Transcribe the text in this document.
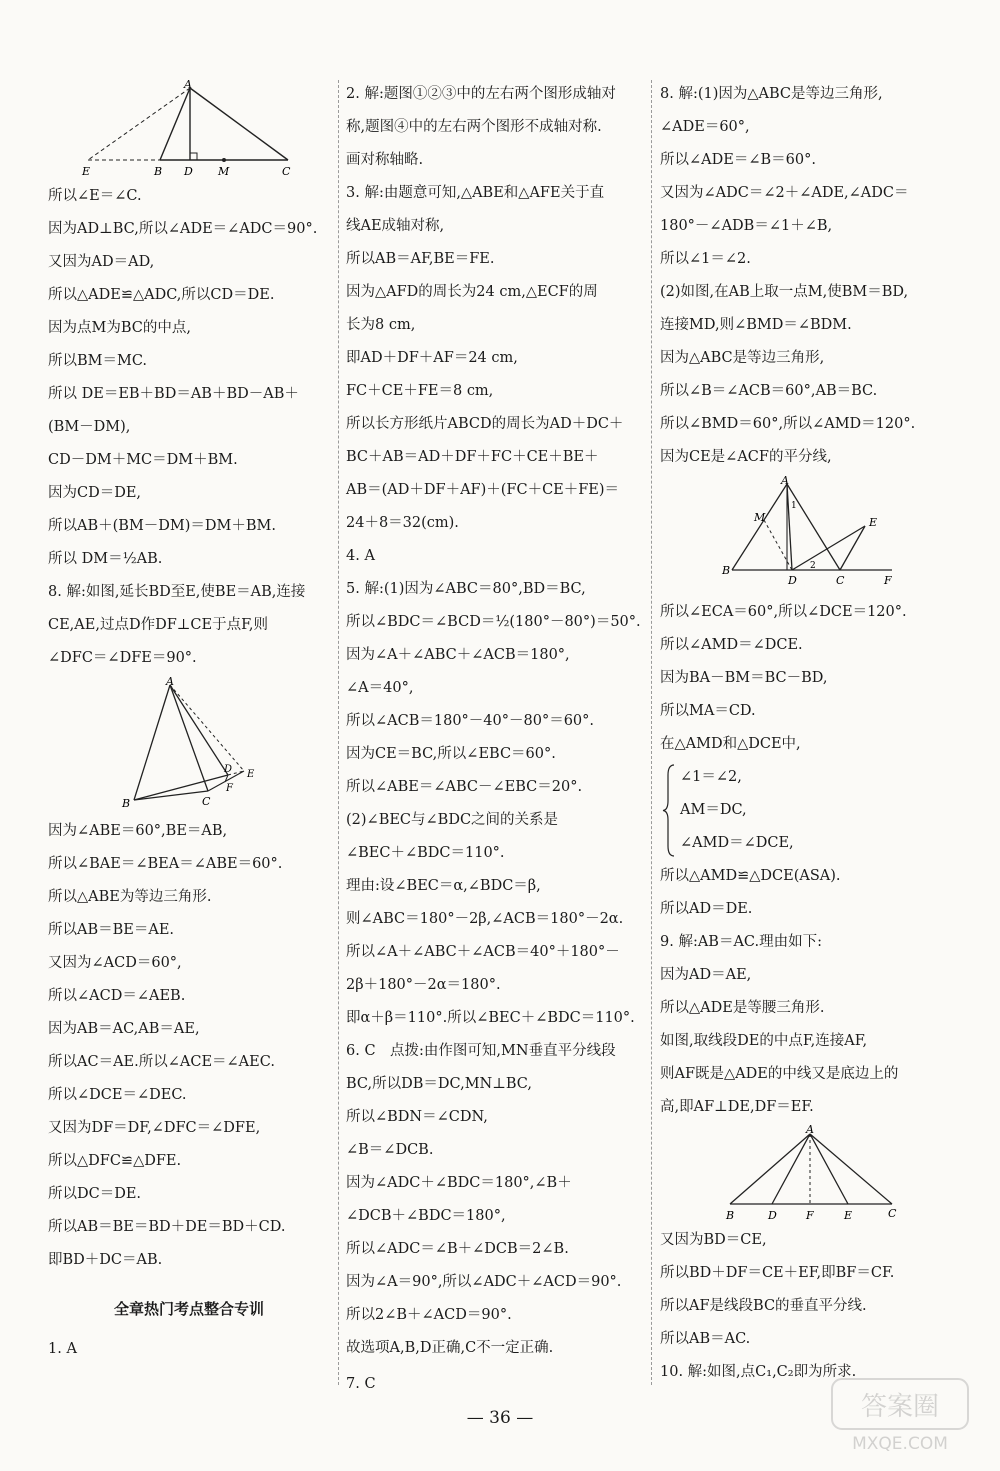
A
E	B D M	C
所以∠E＝∠C.
因为AD⊥BC,所以∠ADE＝∠ADC＝90°.
又因为AD＝AD,
所以△ADE≌△ADC,所以CD＝DE.
因为点M为BC的中点,
所以BM＝MC.
所以 DE＝EB＋BD＝AB＋BD－AB＋
(BM－DM),
CD－DM＋MC＝DM＋BM.
因为CD＝DE,
所以AB＋(BM－DM)＝DM＋BM.
所以 DM＝½AB.
8. 解:如图,延长BD至E,使BE＝AB,连接
CE,AE,过点D作DF⊥CE于点F,则
∠DFC＝∠DFE＝90°.
A
B	C
D E
F
因为∠ABE＝60°,BE＝AB,
所以∠BAE＝∠BEA＝∠ABE＝60°.
所以△ABE为等边三角形.
所以AB＝BE＝AE.
又因为∠ACD＝60°,
所以∠ACD＝∠AEB.
因为AB＝AC,AB＝AE,
所以AC＝AE.所以∠ACE＝∠AEC.
所以∠DCE＝∠DEC.
又因为DF＝DF,∠DFC＝∠DFE,
所以△DFC≌△DFE.
所以DC＝DE.
所以AB＝BE＝BD＋DE＝BD＋CD.
即BD＋DC＝AB.
全章热门考点整合专训
1. A
2. 解:题图①②③中的左右两个图形成轴对
称,题图④中的左右两个图形不成轴对称.
画对称轴略.
3. 解:由题意可知,△ABE和△AFE关于直
线AE成轴对称,
所以AB＝AF,BE＝FE.
因为△AFD的周长为24 cm,△ECF的周
长为8 cm,
即AD＋DF＋AF＝24 cm,
FC＋CE＋FE＝8 cm,
所以长方形纸片ABCD的周长为AD＋DC＋
BC＋AB＝AD＋DF＋FC＋CE＋BE＋
AB＝(AD＋DF＋AF)＋(FC＋CE＋FE)＝
24＋8＝32(cm).
4. A
5. 解:(1)因为∠ABC＝80°,BD＝BC,
所以∠BDC＝∠BCD＝½(180°－80°)＝50°.
因为∠A＋∠ABC＋∠ACB＝180°,
∠A＝40°,
所以∠ACB＝180°－40°－80°＝60°.
因为CE＝BC,所以∠EBC＝60°.
所以∠ABE＝∠ABC－∠EBC＝20°.
(2)∠BEC与∠BDC之间的关系是
∠BEC＋∠BDC＝110°.
理由:设∠BEC＝α,∠BDC＝β,
则∠ABC＝180°－2β,∠ACB＝180°－2α.
所以∠A＋∠ABC＋∠ACB＝40°＋180°－
2β＋180°－2α＝180°.
即α＋β＝110°.所以∠BEC＋∠BDC＝110°.
6. C　点拨:由作图可知,MN垂直平分线段
BC,所以DB＝DC,MN⊥BC,
所以∠BDN＝∠CDN,
∠B＝∠DCB.
因为∠ADC＋∠BDC＝180°,∠B＋
∠DCB＋∠BDC＝180°,
所以∠ADC＝∠B＋∠DCB＝2∠B.
因为∠A＝90°,所以∠ADC＋∠ACD＝90°.
所以2∠B＋∠ACD＝90°.
故选项A,B,D正确,C不一定正确.
7. C
8. 解:(1)因为△ABC是等边三角形,
∠ADE＝60°,
所以∠ADE＝∠B＝60°.
又因为∠ADC＝∠2＋∠ADE,∠ADC＝
180°－∠ADB＝∠1＋∠B,
所以∠1＝∠2.
(2)如图,在AB上取一点M,使BM＝BD,
连接MD,则∠BMD＝∠BDM.
因为△ABC是等边三角形,
所以∠B＝∠ACB＝60°,AB＝BC.
所以∠BMD＝60°,所以∠AMD＝120°.
因为CE是∠ACF的平分线,
A
M
1
E
B
D
2
C	F
所以∠ECA＝60°,所以∠DCE＝120°.
所以∠AMD＝∠DCE.
因为BA－BM＝BC－BD,
所以MA＝CD.
在△AMD和△DCE中,
∠1＝∠2,
AM＝DC,
∠AMD＝∠DCE,
所以△AMD≌△DCE(ASA).
所以AD＝DE.
9. 解:AB＝AC.理由如下:
因为AD＝AE,
所以△ADE是等腰三角形.
如图,取线段DE的中点F,连接AF,
则AF既是△ADE的中线又是底边上的
高,即AF⊥DE,DF＝EF.
A
B	D	F	E	C
又因为BD＝CE,
所以BD＋DF＝CE＋EF,即BF＝CF.
所以AF是线段BC的垂直平分线.
所以AB＝AC.
10. 解:如图,点C₁,C₂即为所求.
— 36 —	答案圈
MXQE.COM
